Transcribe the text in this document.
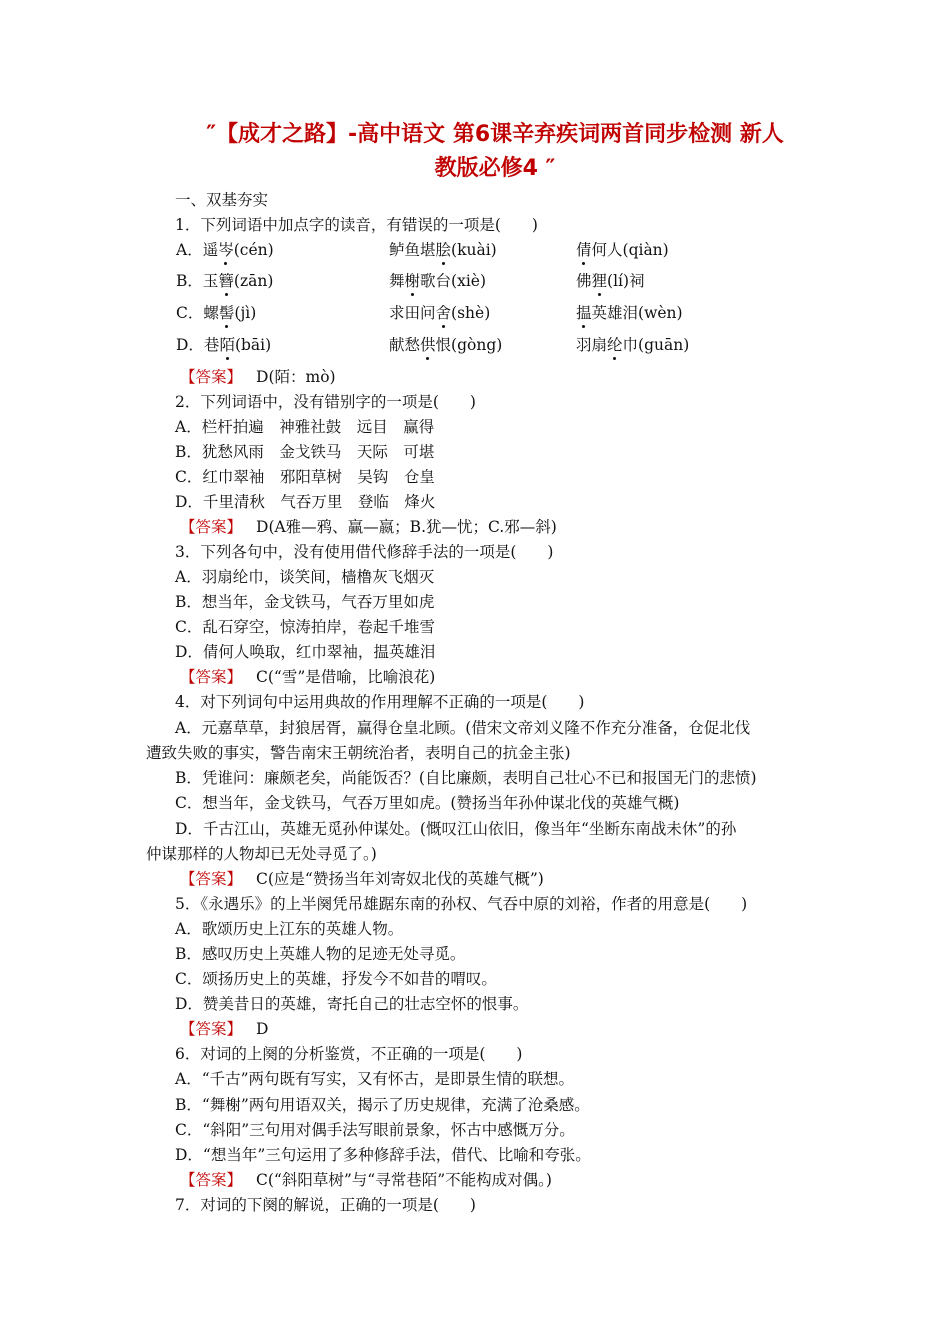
″【成才之路】-高中语文 第6课辛弃疾词两首同步检测 新人
教版必修4 ″
一、双基夯实
1．下列词语中加点字的读音，有错误的一项是(　　)
A．遥岑(cén)	鲈鱼堪脍(kuài)	倩何人(qiàn)
B．玉簪(zān)	舞榭歌台(xiè)	佛狸(lí)祠
C．螺髻(jì)	求田问舍(shè)	揾英雄泪(wèn)
D．巷陌(bāi)	献愁供恨(gòng)	羽扇纶巾(guān)
【答案】 D(陌：mò)
2．下列词语中，没有错别字的一项是(　　)
A．栏杆拍遍　神雅社鼓　远目　赢得
B．犹愁风雨　金戈铁马　天际　可堪
C．红巾翠袖　邪阳草树　吴钩　仓皇
D．千里清秋　气吞万里　登临　烽火
【答案】 D(A雅—鸦、赢—嬴；B.犹—忧；C.邪—斜)
3．下列各句中，没有使用借代修辞手法的一项是(　　)
A．羽扇纶巾，谈笑间，樯橹灰飞烟灭
B．想当年，金戈铁马，气吞万里如虎
C．乱石穿空，惊涛拍岸，卷起千堆雪
D．倩何人唤取，红巾翠袖，揾英雄泪
【答案】 C(“雪”是借喻，比喻浪花)
4．对下列词句中运用典故的作用理解不正确的一项是(　　)
A．元嘉草草，封狼居胥，赢得仓皇北顾。(借宋文帝刘义隆不作充分准备，仓促北伐
遭致失败的事实，警告南宋王朝统治者，表明自己的抗金主张)
B．凭谁问：廉颇老矣，尚能饭否？(自比廉颇，表明自己壮心不已和报国无门的悲愤)
C．想当年，金戈铁马，气吞万里如虎。(赞扬当年孙仲谋北伐的英雄气概)
D．千古江山，英雄无觅孙仲谋处。(慨叹江山依旧，像当年“坐断东南战未休”的孙
仲谋那样的人物却已无处寻觅了。)
【答案】 C(应是“赞扬当年刘寄奴北伐的英雄气概”)
5．《永遇乐》的上半阕凭吊雄踞东南的孙权、气吞中原的刘裕，作者的用意是(　　)
A．歌颂历史上江东的英雄人物。
B．感叹历史上英雄人物的足迹无处寻觅。
C．颂扬历史上的英雄，抒发今不如昔的喟叹。
D．赞美昔日的英雄，寄托自己的壮志空怀的恨事。
【答案】 D
6．对词的上阕的分析鉴赏，不正确的一项是(　　)
A．“千古”两句既有写实，又有怀古，是即景生情的联想。
B．“舞榭”两句用语双关，揭示了历史规律，充满了沧桑感。
C．“斜阳”三句用对偶手法写眼前景象，怀古中感慨万分。
D．“想当年”三句运用了多种修辞手法，借代、比喻和夸张。
【答案】 C(“斜阳草树”与“寻常巷陌”不能构成对偶。)
7．对词的下阕的解说，正确的一项是(　　)
